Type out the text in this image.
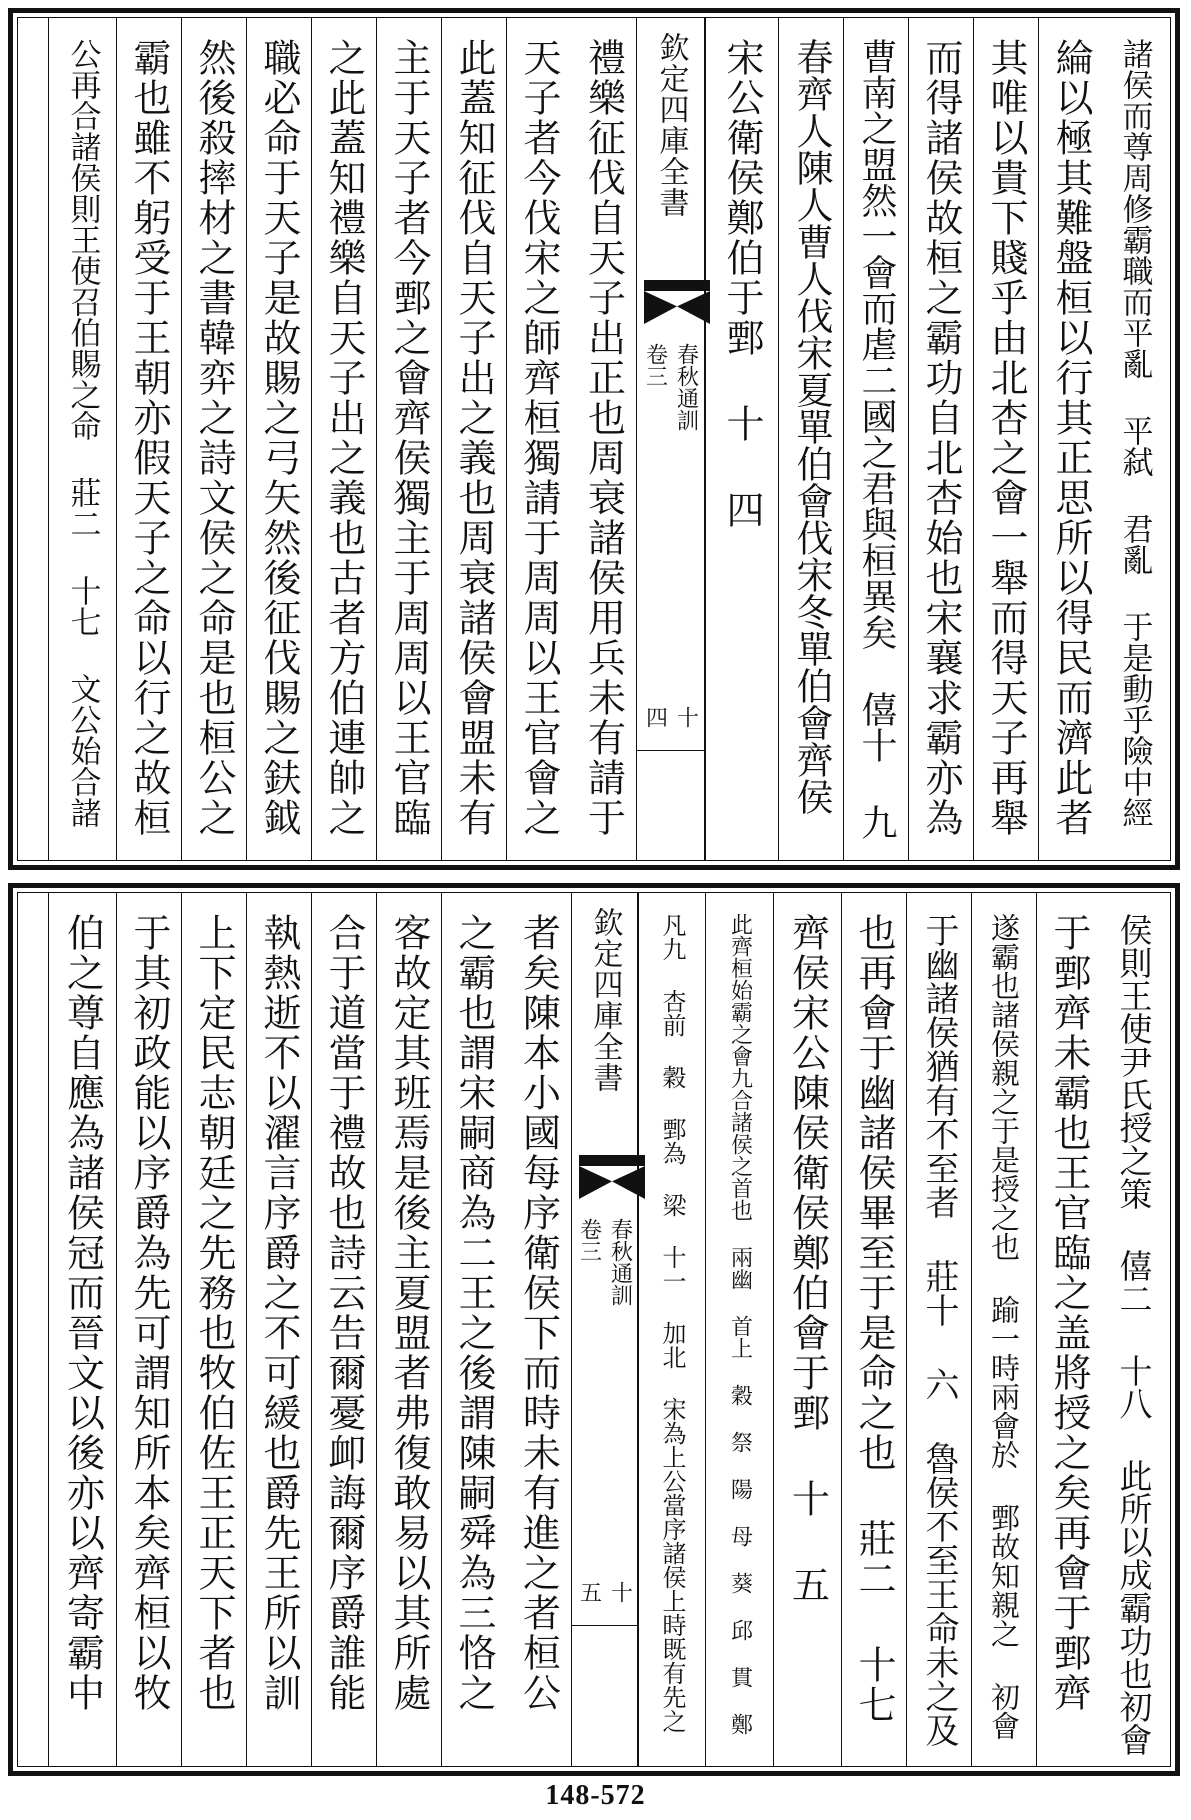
諸侯而尊周修霸職而平亂 平弑 君亂 于是動乎險中經
綸以極其難盤桓以行其正思所以得民而濟此者
其唯以貴下賤乎由北杏之會一舉而得天子再舉
而得諸侯故桓之霸功自北杏始也宋襄求霸亦為
曹南之盟然一會而虐二國之君與桓異矣 僖十 九
春齊人陳人曹人伐宋夏單伯會伐宋冬單伯會齊侯
宋公衛侯鄭伯于鄄 十 四
欽定四庫全書
春秋通訓 卷三
十四
禮樂征伐自天子出正也周衰諸侯用兵未有請于
天子者今伐宋之師齊桓獨請于周周以王官會之
此蓋知征伐自天子出之義也周衰諸侯會盟未有
主于天子者今鄄之會齊侯獨主于周周以王官臨
之此蓋知禮樂自天子出之義也古者方伯連帥之
職必命于天子是故賜之弓矢然後征伐賜之鈇鉞
然後殺摔材之書韓弈之詩文侯之命是也桓公之
霸也雖不躬受于王朝亦假天子之命以行之故桓
公再合諸侯則王使召伯賜之命 莊二 十七 文公始合諸
侯則王使尹氏授之策 僖二 十八 此所以成霸功也初會
于鄄齊未霸也王官臨之盖將授之矣再會于鄄齊
遂霸也諸侯親之于是授之也 踰一時兩會於 鄄故知親之 初會
于幽諸侯猶有不至者 莊十 六 魯侯不至王命未之及
也再會于幽諸侯畢至于是命之也 莊二 十七
齊侯宋公陳侯衛侯鄭伯會于鄄 十 五
此齊桓始霸之會九合諸侯之首也 兩幽 首上 穀 祭 陽 母 葵 邱 貫 鄭
凡九 杏前 穀 鄄為 梁 十一 加北 宋為上公當序諸侯上時既有先之
欽定四庫全書
春秋通訓 卷三
十五
者矣陳本小國每序衛侯下而時未有進之者桓公
之霸也謂宋嗣商為二王之後謂陳嗣舜為三恪之
客故定其班焉是後主夏盟者弗復敢易以其所處
合于道當于禮故也詩云告爾憂卹誨爾序爵誰能
執熱逝不以濯言序爵之不可緩也爵先王所以訓
上下定民志朝廷之先務也牧伯佐王正天下者也
于其初政能以序爵為先可謂知所本矣齊桓以牧
伯之尊自應為諸侯冠而晉文以後亦以齊寄霸中
148-572
